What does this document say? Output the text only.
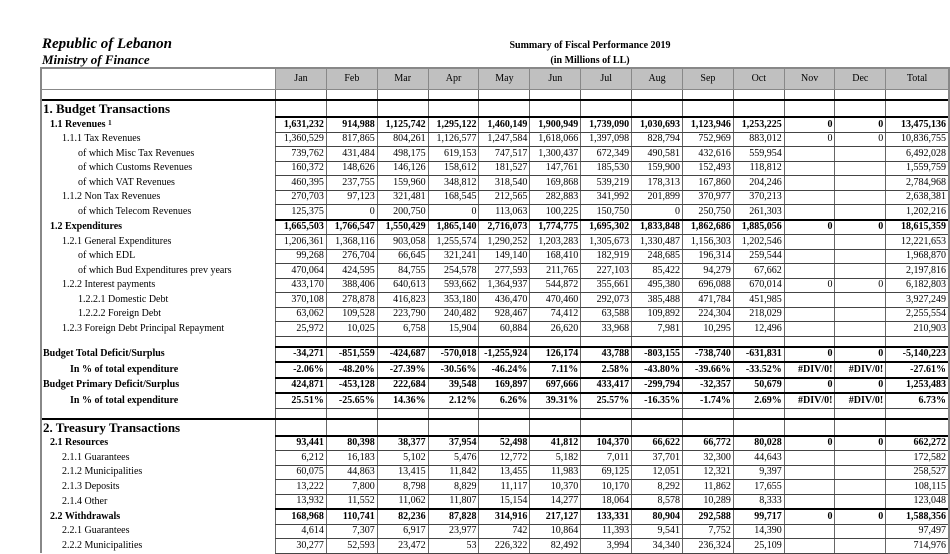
Republic of Lebanon
Ministry of Finance
Summary of Fiscal Performance 2019
(in Millions of LL)
	Jan	Feb	Mar	Apr	May	Jun	Jul	Aug	Sep	Oct	Nov	Dec	Total

1. Budget Transactions													
1.1 Revenues $^1$	1,631,232	914,988	1,125,742	1,295,122	1,460,149	1,900,949	1,739,090	1,030,693	1,123,946	1,253,225	0	0	13,475,136
1.1.1 Tax Revenues	1,360,529	817,865	804,261	1,126,577	1,247,584	1,618,066	1,397,098	828,794	752,969	883,012	0	0	10,836,755
of which Misc Tax Revenues	739,762	431,484	498,175	619,153	747,517	1,300,437	672,349	490,581	432,616	559,954			6,492,028
of which Customs Revenues	160,372	148,626	146,126	158,612	181,527	147,761	185,530	159,900	152,493	118,812			1,559,759
of which VAT Revenues	460,395	237,755	159,960	348,812	318,540	169,868	539,219	178,313	167,860	204,246			2,784,968
1.1.2 Non Tax Revenues	270,703	97,123	321,481	168,545	212,565	282,883	341,992	201,899	370,977	370,213			2,638,381
of which Telecom Revenues	125,375	0	200,750	0	113,063	100,225	150,750	0	250,750	261,303			1,202,216
1.2 Expenditures	1,665,503	1,766,547	1,550,429	1,865,140	2,716,073	1,774,775	1,695,302	1,833,848	1,862,686	1,885,056	0	0	18,615,359
1.2.1 General Expenditures	1,206,361	1,368,116	903,058	1,255,574	1,290,252	1,203,283	1,305,673	1,330,487	1,156,303	1,202,546			12,221,653
of which EDL	99,268	276,704	66,645	321,241	149,140	168,410	182,919	248,685	196,314	259,544			1,968,870
of which Bud Expenditures prev years	470,064	424,595	84,755	254,578	277,593	211,765	227,103	85,422	94,279	67,662			2,197,816
1.2.2 Interest payments	433,170	388,406	640,613	593,662	1,364,937	544,872	355,661	495,380	696,088	670,014	0	0	6,182,803
1.2.2.1 Domestic Debt	370,108	278,878	416,823	353,180	436,470	470,460	292,073	385,488	471,784	451,985			3,927,249
1.2.2.2 Foreign Debt	63,062	109,528	223,790	240,482	928,467	74,412	63,588	109,892	224,304	218,029			2,255,554
1.2.3 Foreign Debt Principal Repayment	25,972	10,025	6,758	15,904	60,884	26,620	33,968	7,981	10,295	12,496			210,903

Budget Total Deficit/Surplus	-34,271	-851,559	-424,687	-570,018	-1,255,924	126,174	43,788	-803,155	-738,740	-631,831	0	0	-5,140,223
In % of total expenditure	-2.06%	-48.20%	-27.39%	-30.56%	-46.24%	7.11%	2.58%	-43.80%	-39.66%	-33.52%	#DIV/0!	#DIV/0!	-27.61%
Budget Primary Deficit/Surplus	424,871	-453,128	222,684	39,548	169,897	697,666	433,417	-299,794	-32,357	50,679	0	0	1,253,483
In % of total expenditure	25.51%	-25.65%	14.36%	2.12%	6.26%	39.31%	25.57%	-16.35%	-1.74%	2.69%	#DIV/0!	#DIV/0!	6.73%

2. Treasury Transactions													
2.1 Resources	93,441	80,398	38,377	37,954	52,498	41,812	104,370	66,622	66,772	80,028	0	0	662,272
2.1.1 Guarantees	6,212	16,183	5,102	5,476	12,772	5,182	7,011	37,701	32,300	44,643			172,582
2.1.2 Municipalities	60,075	44,863	13,415	11,842	13,455	11,983	69,125	12,051	12,321	9,397			258,527
2.1.3 Deposits	13,222	7,800	8,798	8,829	11,117	10,370	10,170	8,292	11,862	17,655			108,115
2.1.4 Other	13,932	11,552	11,062	11,807	15,154	14,277	18,064	8,578	10,289	8,333			123,048
2.2 Withdrawals	168,968	110,741	82,236	87,828	314,916	217,127	133,331	80,904	292,588	99,717	0	0	1,588,356
2.2.1 Guarantees	4,614	7,307	6,917	23,977	742	10,864	11,393	9,541	7,752	14,390			97,497
2.2.2 Municipalities	30,277	52,593	23,472	53	226,322	82,492	3,994	34,340	236,324	25,109			714,976
